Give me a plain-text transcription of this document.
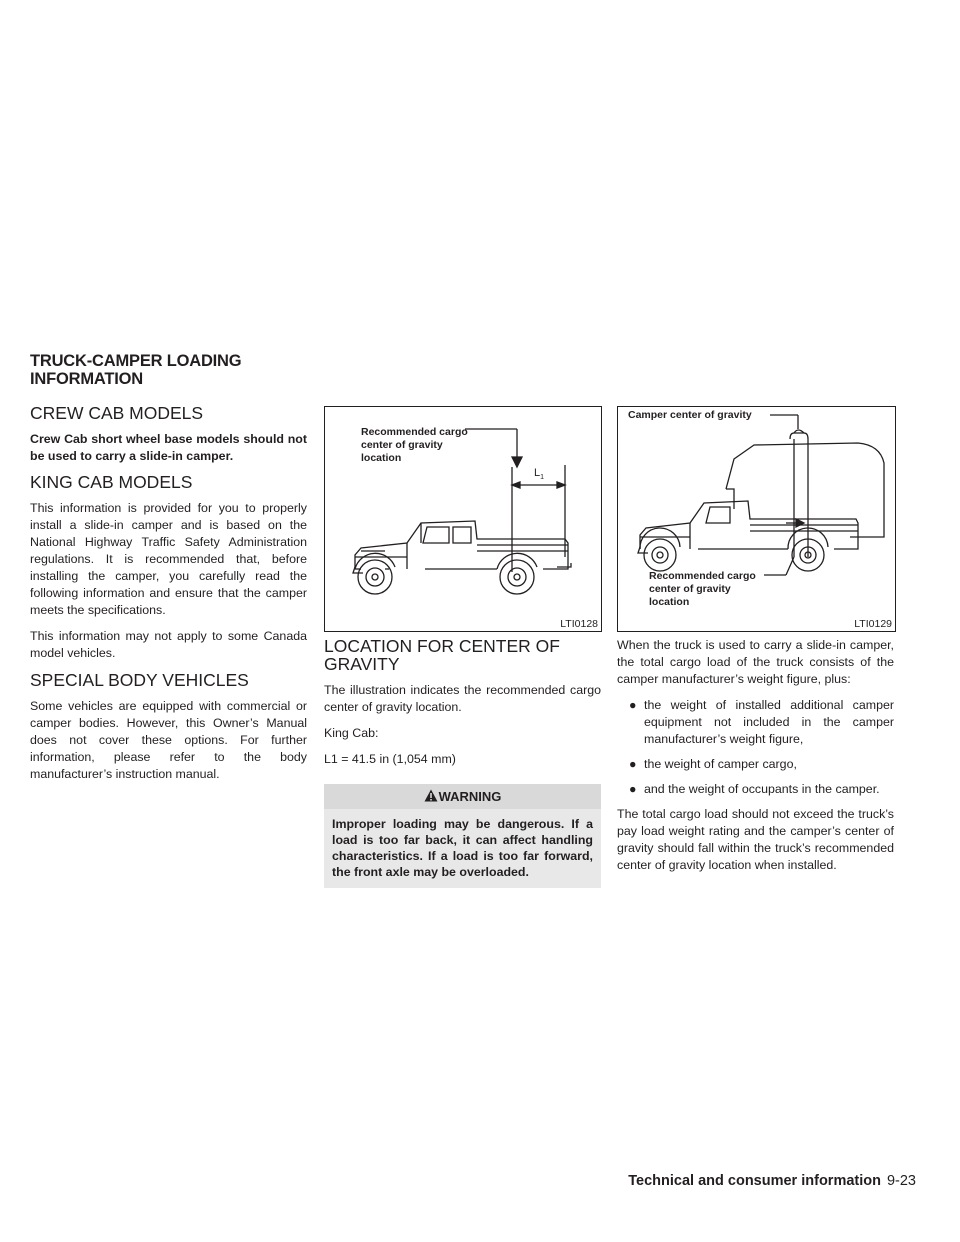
TRUCK-CAMPER LOADING
INFORMATION
CREW CAB MODELS

Crew Cab short wheel base models should not be used to carry a slide-in camper.

KING CAB MODELS

This information is provided for you to properly install a slide-in camper and is based on the National Highway Traffic Safety Administration regulations. It is recommended that, before installing the camper, you carefully read the following information and ensure that the camper meets the specifications.

This information may not apply to some Canada model vehicles.

SPECIAL BODY VEHICLES

Some vehicles are equipped with commercial or camper bodies. However, this Owner’s Manual does not cover these options. For further information, please refer to the body manufacturer’s instruction manual.

Recommended cargo
center of gravity
location
$L_1$
LTI0128
Camper center of gravity
Recommended cargo
center of gravity
location
LTI0129
LOCATION FOR CENTER OF
GRAVITY

The illustration indicates the recommended cargo center of gravity location.

King Cab:

L1 = 41.5 in (1,054 mm)

WARNING
Improper loading may be dangerous. If a load is too far back, it can affect handling characteristics. If a load is too far forward, the front axle may be overloaded.

When the truck is used to carry a slide-in camper, the total cargo load of the truck consists of the camper manufacturer’s weight figure, plus:

● the weight of installed additional camper equipment not included in the camper manufacturer’s weight figure,
● the weight of camper cargo,
● and the weight of occupants in the camper.

The total cargo load should not exceed the truck’s pay load weight rating and the camper’s center of gravity should fall within the truck’s recommended center of gravity location when installed.

Technical and consumer information 9-23
